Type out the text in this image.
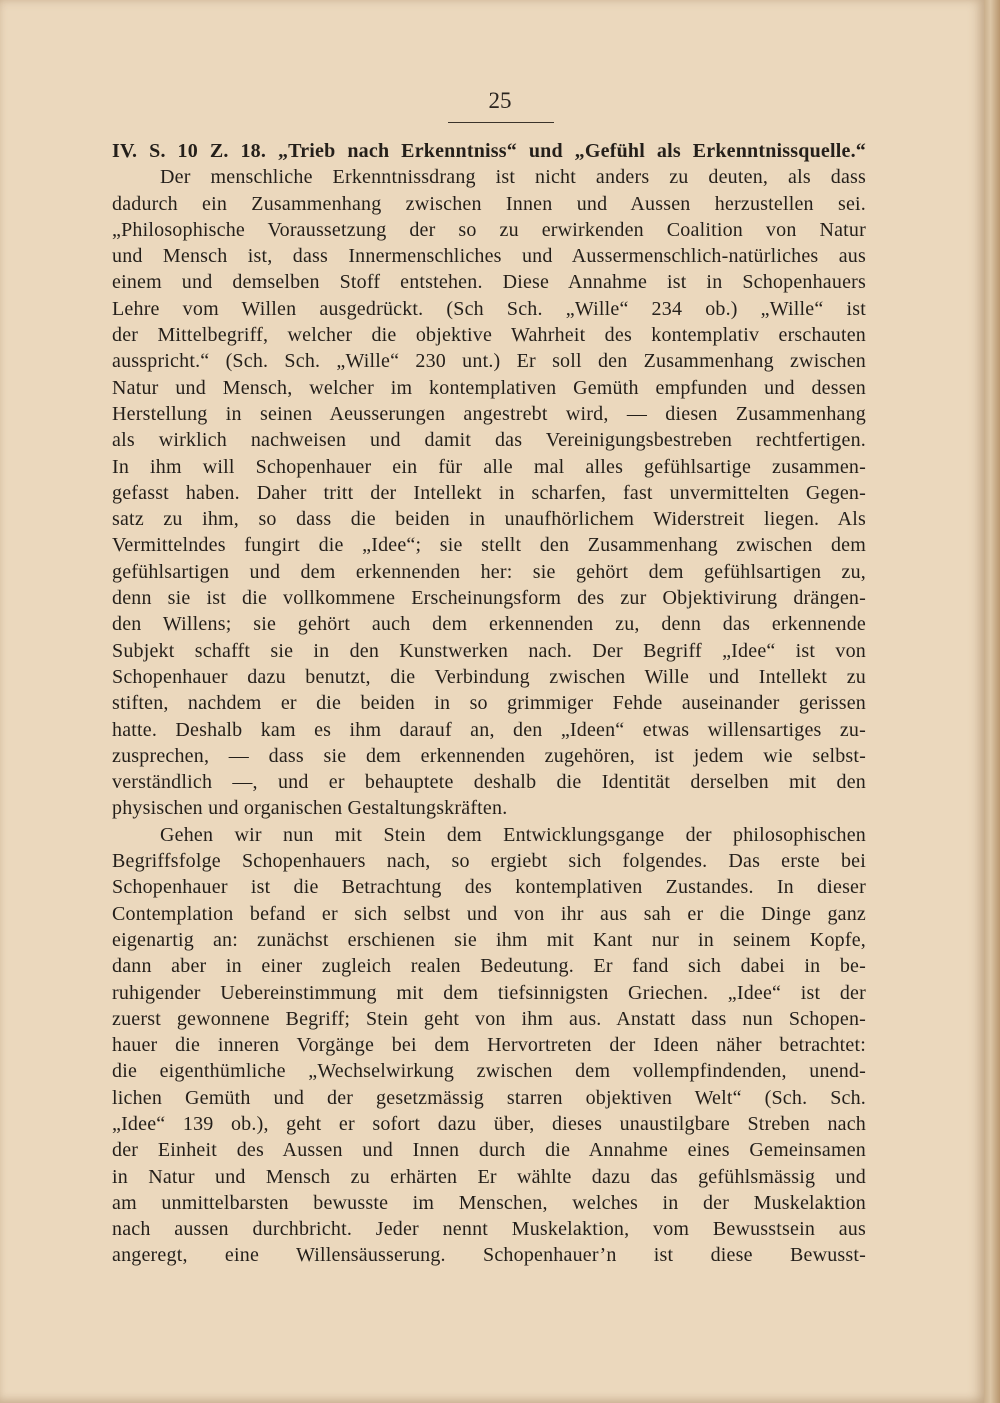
25
IV. S. 10 Z. 18. „Trieb nach Erkenntniss“ und „Gefühl als Erkenntnissquelle.“
Der menschliche Erkenntnissdrang ist nicht anders zu deuten, als dass
dadurch ein Zusammenhang zwischen Innen und Aussen herzustellen sei.
„Philosophische Voraussetzung der so zu erwirkenden Coalition von Natur
und Mensch ist, dass Innermenschliches und Aussermenschlich-natürliches aus
einem und demselben Stoff entstehen. Diese Annahme ist in Schopenhauers
Lehre vom Willen ausgedrückt. (Sch Sch. „Wille“ 234 ob.) „Wille“ ist
der Mittelbegriff, welcher die objektive Wahrheit des kontemplativ erschauten
ausspricht.“ (Sch. Sch. „Wille“ 230 unt.) Er soll den Zusammenhang zwischen
Natur und Mensch, welcher im kontemplativen Gemüth empfunden und dessen
Herstellung in seinen Aeusserungen angestrebt wird, — diesen Zusammenhang
als wirklich nachweisen und damit das Vereinigungsbestreben rechtfertigen.
In ihm will Schopenhauer ein für alle mal alles gefühlsartige zusammen-
gefasst haben. Daher tritt der Intellekt in scharfen, fast unvermittelten Gegen-
satz zu ihm, so dass die beiden in unaufhörlichem Widerstreit liegen. Als
Vermittelndes fungirt die „Idee“; sie stellt den Zusammenhang zwischen dem
gefühlsartigen und dem erkennenden her: sie gehört dem gefühlsartigen zu,
denn sie ist die vollkommene Erscheinungsform des zur Objektivirung drängen-
den Willens; sie gehört auch dem erkennenden zu, denn das erkennende
Subjekt schafft sie in den Kunstwerken nach. Der Begriff „Idee“ ist von
Schopenhauer dazu benutzt, die Verbindung zwischen Wille und Intellekt zu
stiften, nachdem er die beiden in so grimmiger Fehde auseinander gerissen
hatte. Deshalb kam es ihm darauf an, den „Ideen“ etwas willensartiges zu-
zusprechen, — dass sie dem erkennenden zugehören, ist jedem wie selbst-
verständlich —, und er behauptete deshalb die Identität derselben mit den
physischen und organischen Gestaltungskräften.
Gehen wir nun mit Stein dem Entwicklungsgange der philosophischen
Begriffsfolge Schopenhauers nach, so ergiebt sich folgendes. Das erste bei
Schopenhauer ist die Betrachtung des kontemplativen Zustandes. In dieser
Contemplation befand er sich selbst und von ihr aus sah er die Dinge ganz
eigenartig an: zunächst erschienen sie ihm mit Kant nur in seinem Kopfe,
dann aber in einer zugleich realen Bedeutung. Er fand sich dabei in be-
ruhigender Uebereinstimmung mit dem tiefsinnigsten Griechen. „Idee“ ist der
zuerst gewonnene Begriff; Stein geht von ihm aus. Anstatt dass nun Schopen-
hauer die inneren Vorgänge bei dem Hervortreten der Ideen näher betrachtet:
die eigenthümliche „Wechselwirkung zwischen dem vollempfindenden, unend-
lichen Gemüth und der gesetzmässig starren objektiven Welt“ (Sch. Sch.
„Idee“ 139 ob.), geht er sofort dazu über, dieses unaustilgbare Streben nach
der Einheit des Aussen und Innen durch die Annahme eines Gemeinsamen
in Natur und Mensch zu erhärten Er wählte dazu das gefühlsmässig und
am unmittelbarsten bewusste im Menschen, welches in der Muskelaktion
nach aussen durchbricht. Jeder nennt Muskelaktion, vom Bewusstsein aus
angeregt, eine Willensäusserung. Schopenhauer’n ist diese Bewusst-
